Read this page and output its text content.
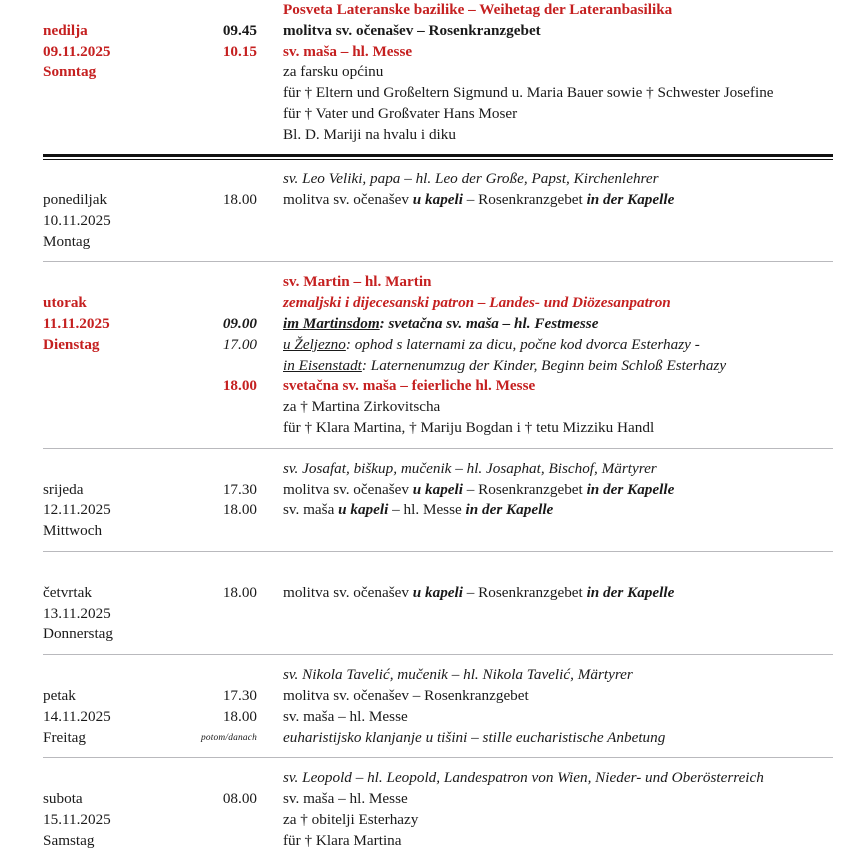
nedilja
09.11.2025
Sonntag

09.45
10.15
Posveta Lateranske bazilike – Weihetag der Lateranbasilika
molitva sv. očenašev – Rosenkranzgebet
sv. maša – hl. Messe
za farsku općinu
für † Eltern und Großeltern Sigmund u. Maria Bauer sowie † Schwester Josefine
für † Vater und Großvater Hans Moser
Bl. D. Mariji na hvalu i diku

ponediljak
10.11.2025
Montag

18.00
sv. Leo Veliki, papa – hl. Leo der Große, Papst, Kirchenlehrer
molitva sv. očenašev u kapeli – Rosenkranzgebet in der Kapelle

utorak
11.11.2025
Dienstag

09.00
17.00

18.00
sv. Martin – hl. Martin
zemaljski i dijecesanski patron – Landes- und Diözesanpatron
im Martinsdom: svetačna sv. maša – hl. Festmesse
u Željezno: ophod s laternami za dicu, počne kod dvorca Esterhazy -
in Eisenstadt: Laternenumzug der Kinder, Beginn beim Schloß Esterhazy
svetačna sv. maša – feierliche hl. Messe
za † Martina Zirkovitscha
für † Klara Martina, † Mariju Bogdan i † tetu Mizziku Handl

srijeda
12.11.2025
Mittwoch

17.30
18.00
sv. Josafat, biškup, mučenik – hl. Josaphat, Bischof, Märtyrer
molitva sv. očenašev u kapeli – Rosenkranzgebet in der Kapelle
sv. maša u kapeli – hl. Messe in der Kapelle

četvrtak
13.11.2025
Donnerstag

18.00
molitva sv. očenašev u kapeli – Rosenkranzgebet in der Kapelle

petak
14.11.2025
Freitag

17.30
18.00
potom/danach
sv. Nikola Tavelić, mučenik – hl. Nikola Tavelić, Märtyrer
molitva sv. očenašev – Rosenkranzgebet
sv. maša – hl. Messe
euharistijsko klanjanje u tišini – stille eucharistische Anbetung

subota
15.11.2025
Samstag

08.00
sv. Leopold – hl. Leopold, Landespatron von Wien, Nieder- und Oberösterreich
sv. maša – hl. Messe
za † obitelji Esterhazy
für † Klara Martina
